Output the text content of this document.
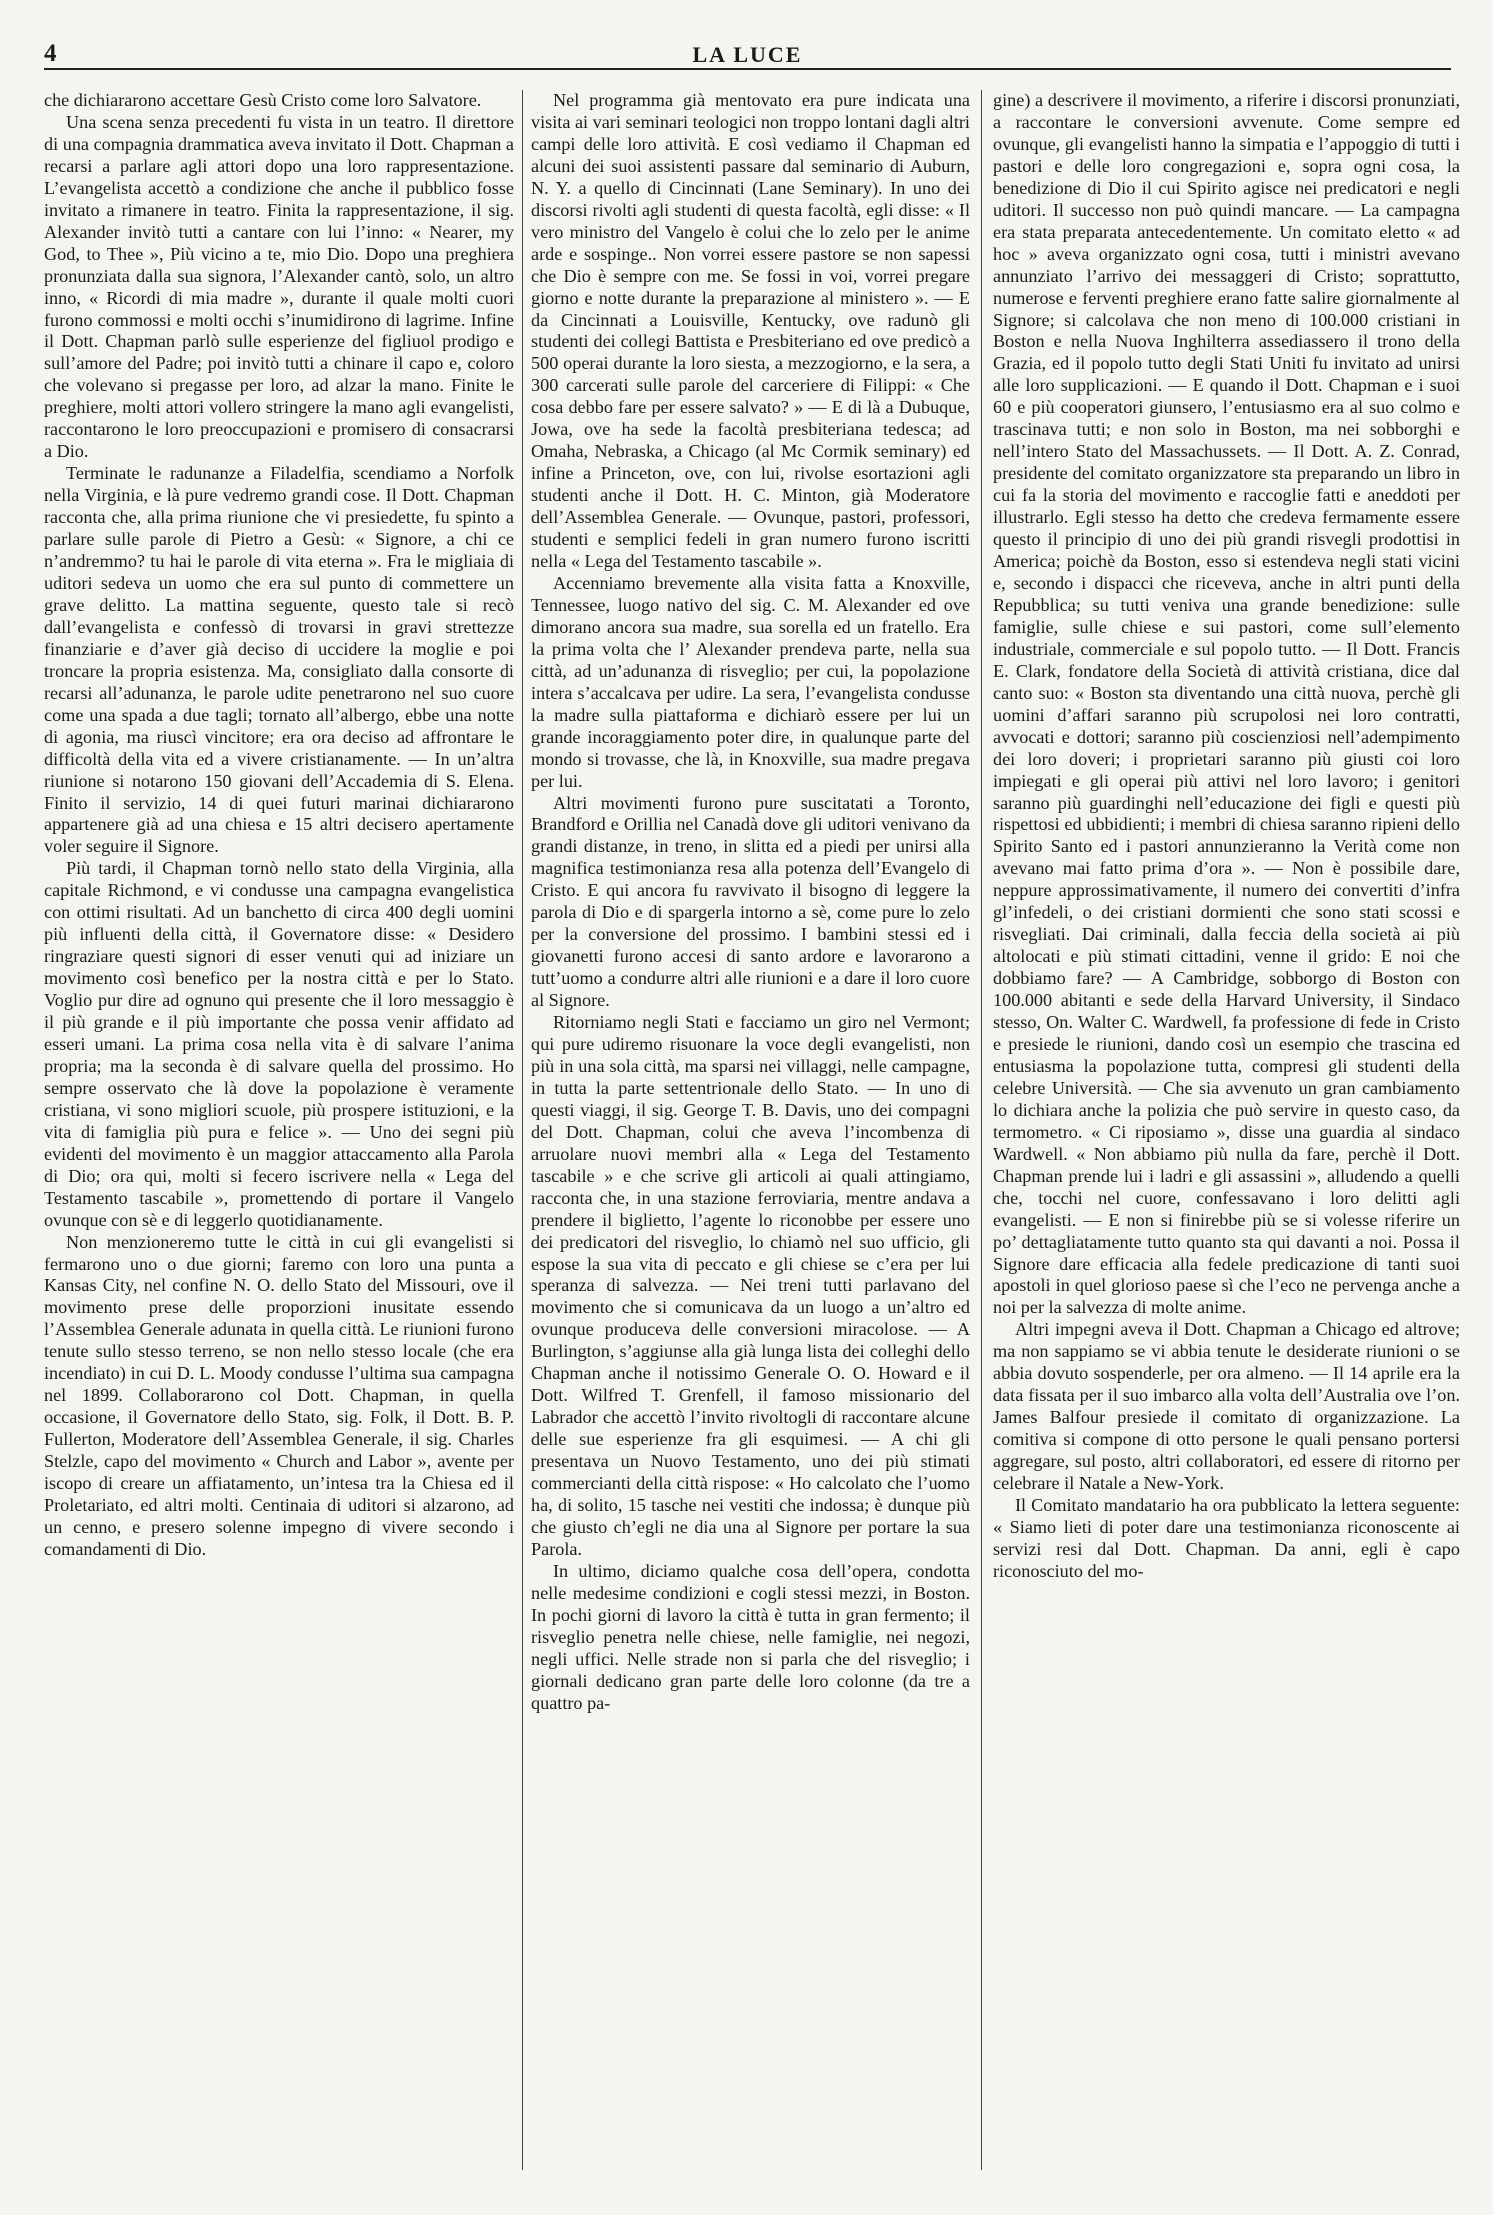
4	LA LUCE

che dichiararono accettare Gesù Cristo come loro Salvatore.

Una scena senza precedenti fu vista in un teatro. Il direttore di una compagnia drammatica aveva invitato il Dott. Chapman a recarsi a parlare agli attori dopo una loro rappresentazione. L’evangelista accettò a condizione che anche il pubblico fosse invitato a rimanere in teatro. Finita la rappresentazione, il sig. Alexander invitò tutti a cantare con lui l’inno: « Nearer, my God, to Thee », Più vicino a te, mio Dio. Dopo una preghiera pronunziata dalla sua signora, l’Alexander cantò, solo, un altro inno, « Ricordi di mia madre », durante il quale molti cuori furono commossi e molti occhi s’inumidirono di lagrime. Infine il Dott. Chapman parlò sulle esperienze del figliuol prodigo e sull’amore del Padre; poi invitò tutti a chinare il capo e, coloro che volevano si pregasse per loro, ad alzar la mano. Finite le preghiere, molti attori vollero stringere la mano agli evangelisti, raccontarono le loro preoccupazioni e promisero di consacrarsi a Dio.

Terminate le radunanze a Filadelfia, scendiamo a Norfolk nella Virginia, e là pure vedremo grandi cose. Il Dott. Chapman racconta che, alla prima riunione che vi presiedette, fu spinto a parlare sulle parole di Pietro a Gesù: « Signore, a chi ce n’andremmo? tu hai le parole di vita eterna ». Fra le migliaia di uditori sedeva un uomo che era sul punto di commettere un grave delitto. La mattina seguente, questo tale si recò dall’evangelista e confessò di trovarsi in gravi strettezze finanziarie e d’aver già deciso di uccidere la moglie e poi troncare la propria esistenza. Ma, consigliato dalla consorte di recarsi all’adunanza, le parole udite penetrarono nel suo cuore come una spada a due tagli; tornato all’albergo, ebbe una notte di agonia, ma riuscì vincitore; era ora deciso ad affrontare le difficoltà della vita ed a vivere cristianamente. — In un’altra riunione si notarono 150 giovani dell’Accademia di S. Elena. Finito il servizio, 14 di quei futuri marinai dichiararono appartenere già ad una chiesa e 15 altri decisero apertamente voler seguire il Signore.

Più tardi, il Chapman tornò nello stato della Virginia, alla capitale Richmond, e vi condusse una campagna evangelistica con ottimi risultati. Ad un banchetto di circa 400 degli uomini più influenti della città, il Governatore disse: « Desidero ringraziare questi signori di esser venuti qui ad iniziare un movimento così benefico per la nostra città e per lo Stato. Voglio pur dire ad ognuno qui presente che il loro messaggio è il più grande e il più importante che possa venir affidato ad esseri umani. La prima cosa nella vita è di salvare l’anima propria; ma la seconda è di salvare quella del prossimo. Ho sempre osservato che là dove la popolazione è veramente cristiana, vi sono migliori scuole, più prospere istituzioni, e la vita di famiglia più pura e felice ». — Uno dei segni più evidenti del movimento è un maggior attaccamento alla Parola di Dio; ora qui, molti si fecero iscrivere nella « Lega del Testamento tascabile », promettendo di portare il Vangelo ovunque con sè e di leggerlo quotidianamente.

Non menzioneremo tutte le città in cui gli evangelisti si fermarono uno o due giorni; faremo con loro una punta a Kansas City, nel confine N. O. dello Stato del Missouri, ove il movimento prese delle proporzioni inusitate essendo l’Assemblea Generale adunata in quella città. Le riunioni furono tenute sullo stesso terreno, se non nello stesso locale (che era incendiato) in cui D. L. Moody condusse l’ultima sua campagna nel 1899. Collaborarono col Dott. Chapman, in quella occasione, il Governatore dello Stato, sig. Folk, il Dott. B. P. Fullerton, Moderatore dell’Assemblea Generale, il sig. Charles Stelzle, capo del movimento « Church and Labor », avente per iscopo di creare un affiatamento, un’intesa tra la Chiesa ed il Proletariato, ed altri molti. Centinaia di uditori si alzarono, ad un cenno, e presero solenne impegno di vivere secondo i comandamenti di Dio.

Nel programma già mentovato era pure indicata una visita ai vari seminari teologici non troppo lontani dagli altri campi delle loro attività. E così vediamo il Chapman ed alcuni dei suoi assistenti passare dal seminario di Auburn, N. Y. a quello di Cincinnati (Lane Seminary). In uno dei discorsi rivolti agli studenti di questa facoltà, egli disse: « Il vero ministro del Vangelo è colui che lo zelo per le anime arde e sospinge.. Non vorrei essere pastore se non sapessi che Dio è sempre con me. Se fossi in voi, vorrei pregare giorno e notte durante la preparazione al ministero ». — E da Cincinnati a Louisville, Kentucky, ove radunò gli studenti dei collegi Battista e Presbiteriano ed ove predicò a 500 operai durante la loro siesta, a mezzogiorno, e la sera, a 300 carcerati sulle parole del carceriere di Filippi: « Che cosa debbo fare per essere salvato? » — E di là a Dubuque, Jowa, ove ha sede la facoltà presbiteriana tedesca; ad Omaha, Nebraska, a Chicago (al Mc Cormik seminary) ed infine a Princeton, ove, con lui, rivolse esortazioni agli studenti anche il Dott. H. C. Minton, già Moderatore dell’Assemblea Generale. — Ovunque, pastori, professori, studenti e semplici fedeli in gran numero furono iscritti nella « Lega del Testamento tascabile ».

Accenniamo brevemente alla visita fatta a Knoxville, Tennessee, luogo nativo del sig. C. M. Alexander ed ove dimorano ancora sua madre, sua sorella ed un fratello. Era la prima volta che l’ Alexander prendeva parte, nella sua città, ad un’adunanza di risveglio; per cui, la popolazione intera s’accalcava per udire. La sera, l’evangelista condusse la madre sulla piattaforma e dichiarò essere per lui un grande incoraggiamento poter dire, in qualunque parte del mondo si trovasse, che là, in Knoxville, sua madre pregava per lui.

Altri movimenti furono pure suscitatati a Toronto, Brandford e Orillia nel Canadà dove gli uditori venivano da grandi distanze, in treno, in slitta ed a piedi per unirsi alla magnifica testimonianza resa alla potenza dell’Evangelo di Cristo. E qui ancora fu ravvivato il bisogno di leggere la parola di Dio e di spargerla intorno a sè, come pure lo zelo per la conversione del prossimo. I bambini stessi ed i giovanetti furono accesi di santo ardore e lavorarono a tutt’uomo a condurre altri alle riunioni e a dare il loro cuore al Signore.

Ritorniamo negli Stati e facciamo un giro nel Vermont; qui pure udiremo risuonare la voce degli evangelisti, non più in una sola città, ma sparsi nei villaggi, nelle campagne, in tutta la parte settentrionale dello Stato. — In uno di questi viaggi, il sig. George T. B. Davis, uno dei compagni del Dott. Chapman, colui che aveva l’incombenza di arruolare nuovi membri alla « Lega del Testamento tascabile » e che scrive gli articoli ai quali attingiamo, racconta che, in una stazione ferroviaria, mentre andava a prendere il biglietto, l’agente lo riconobbe per essere uno dei predicatori del risveglio, lo chiamò nel suo ufficio, gli espose la sua vita di peccato e gli chiese se c’era per lui speranza di salvezza. — Nei treni tutti parlavano del movimento che si comunicava da un luogo a un’altro ed ovunque produceva delle conversioni miracolose. — A Burlington, s’aggiunse alla già lunga lista dei colleghi dello Chapman anche il notissimo Generale O. O. Howard e il Dott. Wilfred T. Grenfell, il famoso missionario del Labrador che accettò l’invito rivoltogli di raccontare alcune delle sue esperienze fra gli esquimesi. — A chi gli presentava un Nuovo Testamento, uno dei più stimati commercianti della città rispose: « Ho calcolato che l’uomo ha, di solito, 15 tasche nei vestiti che indossa; è dunque più che giusto ch’egli ne dia una al Signore per portare la sua Parola.

In ultimo, diciamo qualche cosa dell’opera, condotta nelle medesime condizioni e cogli stessi mezzi, in Boston. In pochi giorni di lavoro la città è tutta in gran fermento; il risveglio penetra nelle chiese, nelle famiglie, nei negozi, negli uffici. Nelle strade non si parla che del risveglio; i giornali dedicano gran parte delle loro colonne (da tre a quattro pa-

gine) a descrivere il movimento, a riferire i discorsi pronunziati, a raccontare le conversioni avvenute. Come sempre ed ovunque, gli evangelisti hanno la simpatia e l’appoggio di tutti i pastori e delle loro congregazioni e, sopra ogni cosa, la benedizione di Dio il cui Spirito agisce nei predicatori e negli uditori. Il successo non può quindi mancare. — La campagna era stata preparata antecedentemente. Un comitato eletto « ad hoc » aveva organizzato ogni cosa, tutti i ministri avevano annunziato l’arrivo dei messaggeri di Cristo; soprattutto, numerose e ferventi preghiere erano fatte salire giornalmente al Signore; si calcolava che non meno di 100.000 cristiani in Boston e nella Nuova Inghilterra assediassero il trono della Grazia, ed il popolo tutto degli Stati Uniti fu invitato ad unirsi alle loro supplicazioni. — E quando il Dott. Chapman e i suoi 60 e più cooperatori giunsero, l’entusiasmo era al suo colmo e trascinava tutti; e non solo in Boston, ma nei sobborghi e nell’intero Stato del Massachussets. — Il Dott. A. Z. Conrad, presidente del comitato organizzatore sta preparando un libro in cui fa la storia del movimento e raccoglie fatti e aneddoti per illustrarlo. Egli stesso ha detto che credeva fermamente essere questo il principio di uno dei più grandi risvegli prodottisi in America; poichè da Boston, esso si estendeva negli stati vicini e, secondo i dispacci che riceveva, anche in altri punti della Repubblica; su tutti veniva una grande benedizione: sulle famiglie, sulle chiese e sui pastori, come sull’elemento industriale, commerciale e sul popolo tutto. — Il Dott. Francis E. Clark, fondatore della Società di attività cristiana, dice dal canto suo: « Boston sta diventando una città nuova, perchè gli uomini d’affari saranno più scrupolosi nei loro contratti, avvocati e dottori; saranno più coscienziosi nell’adempimento dei loro doveri; i proprietari saranno più giusti coi loro impiegati e gli operai più attivi nel loro lavoro; i genitori saranno più guardinghi nell’educazione dei figli e questi più rispettosi ed ubbidienti; i membri di chiesa saranno ripieni dello Spirito Santo ed i pastori annunzieranno la Verità come non avevano mai fatto prima d’ora ». — Non è possibile dare, neppure approssimativamente, il numero dei convertiti d’infra gl’infedeli, o dei cristiani dormienti che sono stati scossi e risvegliati. Dai criminali, dalla feccia della società ai più altolocati e più stimati cittadini, venne il grido: E noi che dobbiamo fare? — A Cambridge, sobborgo di Boston con 100.000 abitanti e sede della Harvard University, il Sindaco stesso, On. Walter C. Wardwell, fa professione di fede in Cristo e presiede le riunioni, dando così un esempio che trascina ed entusiasma la popolazione tutta, compresi gli studenti della celebre Università. — Che sia avvenuto un gran cambiamento lo dichiara anche la polizia che può servire in questo caso, da termometro. « Ci riposiamo », disse una guardia al sindaco Wardwell. « Non abbiamo più nulla da fare, perchè il Dott. Chapman prende lui i ladri e gli assassini », alludendo a quelli che, tocchi nel cuore, confessavano i loro delitti agli evangelisti. — E non si finirebbe più se si volesse riferire un po’ dettagliatamente tutto quanto sta qui davanti a noi. Possa il Signore dare efficacia alla fedele predicazione di tanti suoi apostoli in quel glorioso paese sì che l’eco ne pervenga anche a noi per la salvezza di molte anime.

Altri impegni aveva il Dott. Chapman a Chicago ed altrove; ma non sappiamo se vi abbia tenute le desiderate riunioni o se abbia dovuto sospenderle, per ora almeno. — Il 14 aprile era la data fissata per il suo imbarco alla volta dell’Australia ove l’on. James Balfour presiede il comitato di organizzazione. La comitiva si compone di otto persone le quali pensano portersi aggregare, sul posto, altri collaboratori, ed essere di ritorno per celebrare il Natale a New-York.

Il Comitato mandatario ha ora pubblicato la lettera seguente: « Siamo lieti di poter dare una testimonianza riconoscente ai servizi resi dal Dott. Chapman. Da anni, egli è capo riconosciuto del mo-
